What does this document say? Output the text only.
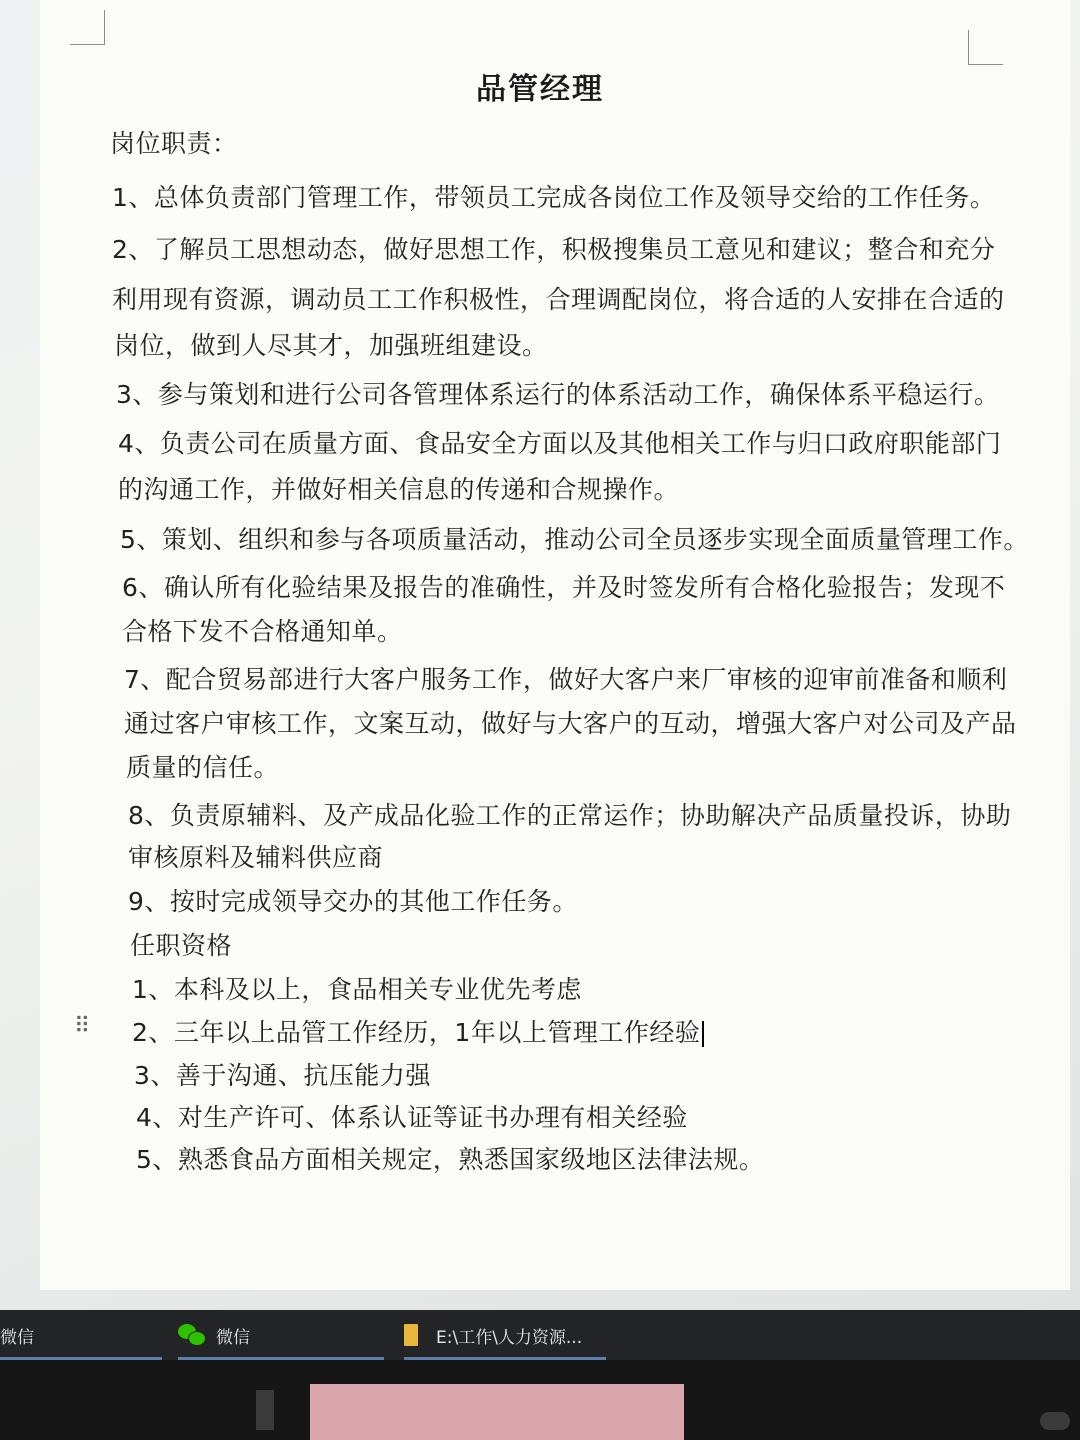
品管经理
岗位职责：
1、总体负责部门管理工作，带领员工完成各岗位工作及领导交给的工作任务。
2、了解员工思想动态，做好思想工作，积极搜集员工意见和建议；整合和充分
利用现有资源，调动员工工作积极性，合理调配岗位，将合适的人安排在合适的
岗位，做到人尽其才，加强班组建设。
3、参与策划和进行公司各管理体系运行的体系活动工作，确保体系平稳运行。
4、负责公司在质量方面、食品安全方面以及其他相关工作与归口政府职能部门
的沟通工作，并做好相关信息的传递和合规操作。
5、策划、组织和参与各项质量活动，推动公司全员逐步实现全面质量管理工作。
6、确认所有化验结果及报告的准确性，并及时签发所有合格化验报告；发现不
合格下发不合格通知单。
7、配合贸易部进行大客户服务工作，做好大客户来厂审核的迎审前准备和顺利
通过客户审核工作，文案互动，做好与大客户的互动，增强大客户对公司及产品
质量的信任。
8、负责原辅料、及产成品化验工作的正常运作；协助解决产品质量投诉，协助
审核原料及辅料供应商
9、按时完成领导交办的其他工作任务。
任职资格
1、本科及以上，食品相关专业优先考虑
⠿ 2、三年以上品管工作经历，1年以上管理工作经验
3、善于沟通、抗压能力强
4、对生产许可、体系认证等证书办理有相关经验
5、熟悉食品方面相关规定，熟悉国家级地区法律法规。
微信	微信	E:\工作\人力资源...
